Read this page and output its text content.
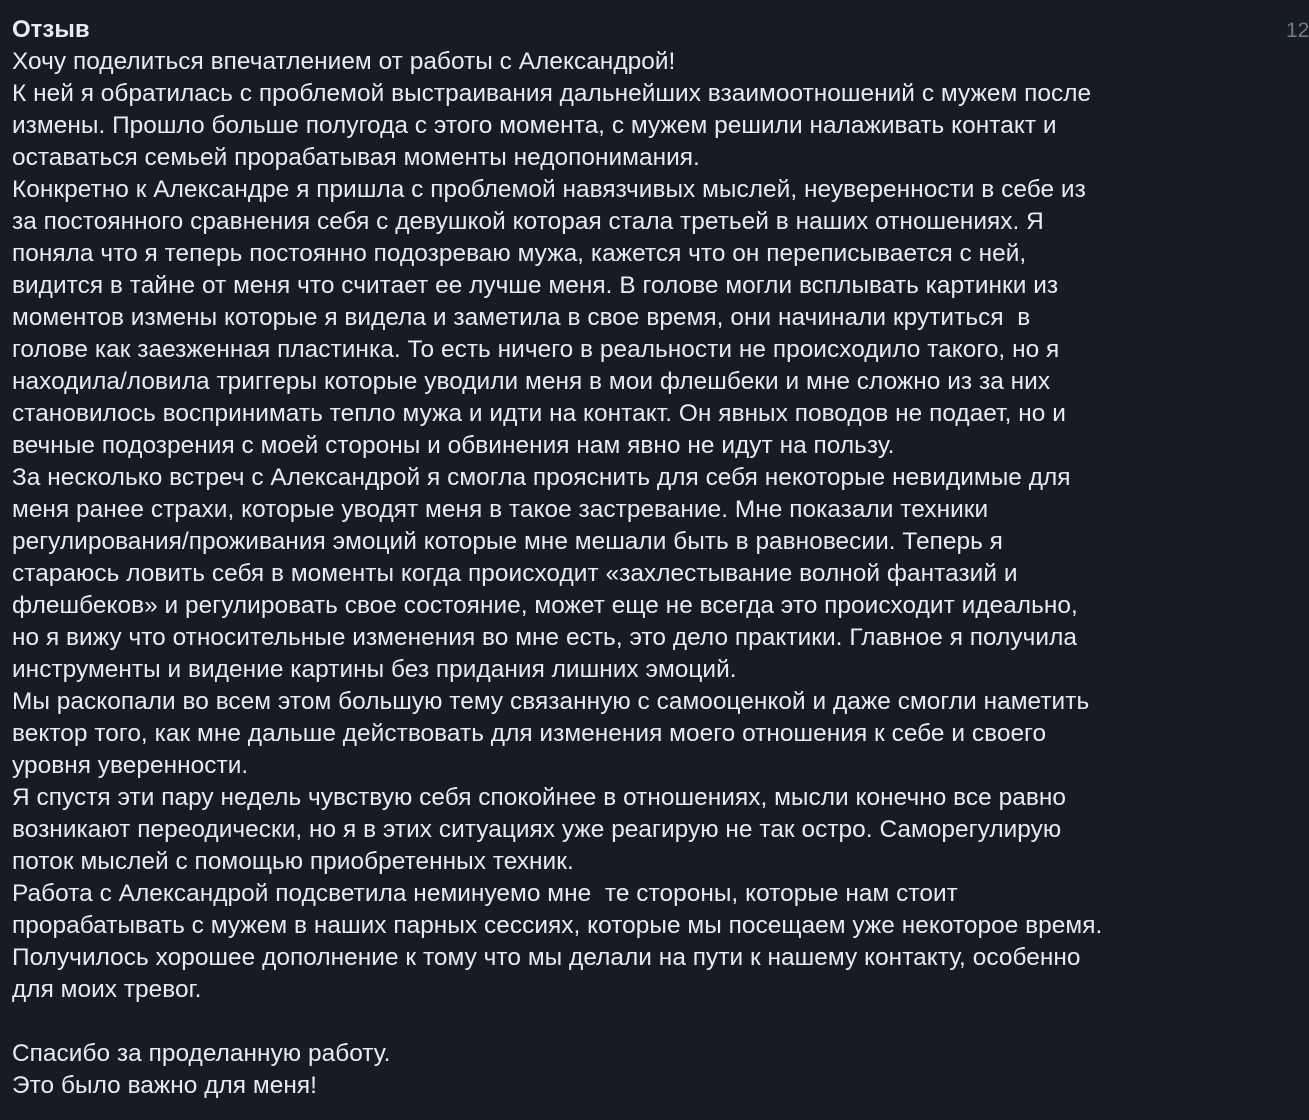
Отзыв	12
Хочу поделиться впечатлением от работы с Александрой!
К ней я обратилась с проблемой выстраивания дальнейших взаимоотношений с мужем после
измены. Прошло больше полугода с этого момента, с мужем решили налаживать контакт и
оставаться семьей прорабатывая моменты недопонимания.
Конкретно к Александре я пришла с проблемой навязчивых мыслей, неуверенности в себе из
за постоянного сравнения себя с девушкой которая стала третьей в наших отношениях. Я
поняла что я теперь постоянно подозреваю мужа, кажется что он переписывается с ней,
видится в тайне от меня что считает ее лучше меня. В голове могли всплывать картинки из
моментов измены которые я видела и заметила в свое время, они начинали крутиться  в
голове как заезженная пластинка. То есть ничего в реальности не происходило такого, но я
находила/ловила триггеры которые уводили меня в мои флешбеки и мне сложно из за них
становилось воспринимать тепло мужа и идти на контакт. Он явных поводов не подает, но и
вечные подозрения с моей стороны и обвинения нам явно не идут на пользу.
За несколько встреч с Александрой я смогла прояснить для себя некоторые невидимые для
меня ранее страхи, которые уводят меня в такое застревание. Мне показали техники
регулирования/проживания эмоций которые мне мешали быть в равновесии. Теперь я
стараюсь ловить себя в моменты когда происходит «захлестывание волной фантазий и
флешбеков» и регулировать свое состояние, может еще не всегда это происходит идеально,
но я вижу что относительные изменения во мне есть, это дело практики. Главное я получила
инструменты и видение картины без придания лишних эмоций.
Мы раскопали во всем этом большую тему связанную с самооценкой и даже смогли наметить
вектор того, как мне дальше действовать для изменения моего отношения к себе и своего
уровня уверенности.
Я спустя эти пару недель чувствую себя спокойнее в отношениях, мысли конечно все равно
возникают переодически, но я в этих ситуациях уже реагирую не так остро. Саморегулирую
поток мыслей с помощью приобретенных техник.
Работа с Александрой подсветила неминуемо мне  те стороны, которые нам стоит
прорабатывать с мужем в наших парных сессиях, которые мы посещаем уже некоторое время.
Получилось хорошее дополнение к тому что мы делали на пути к нашему контакту, особенно
для моих тревог.
Спасибо за проделанную работу.
Это было важно для меня!
